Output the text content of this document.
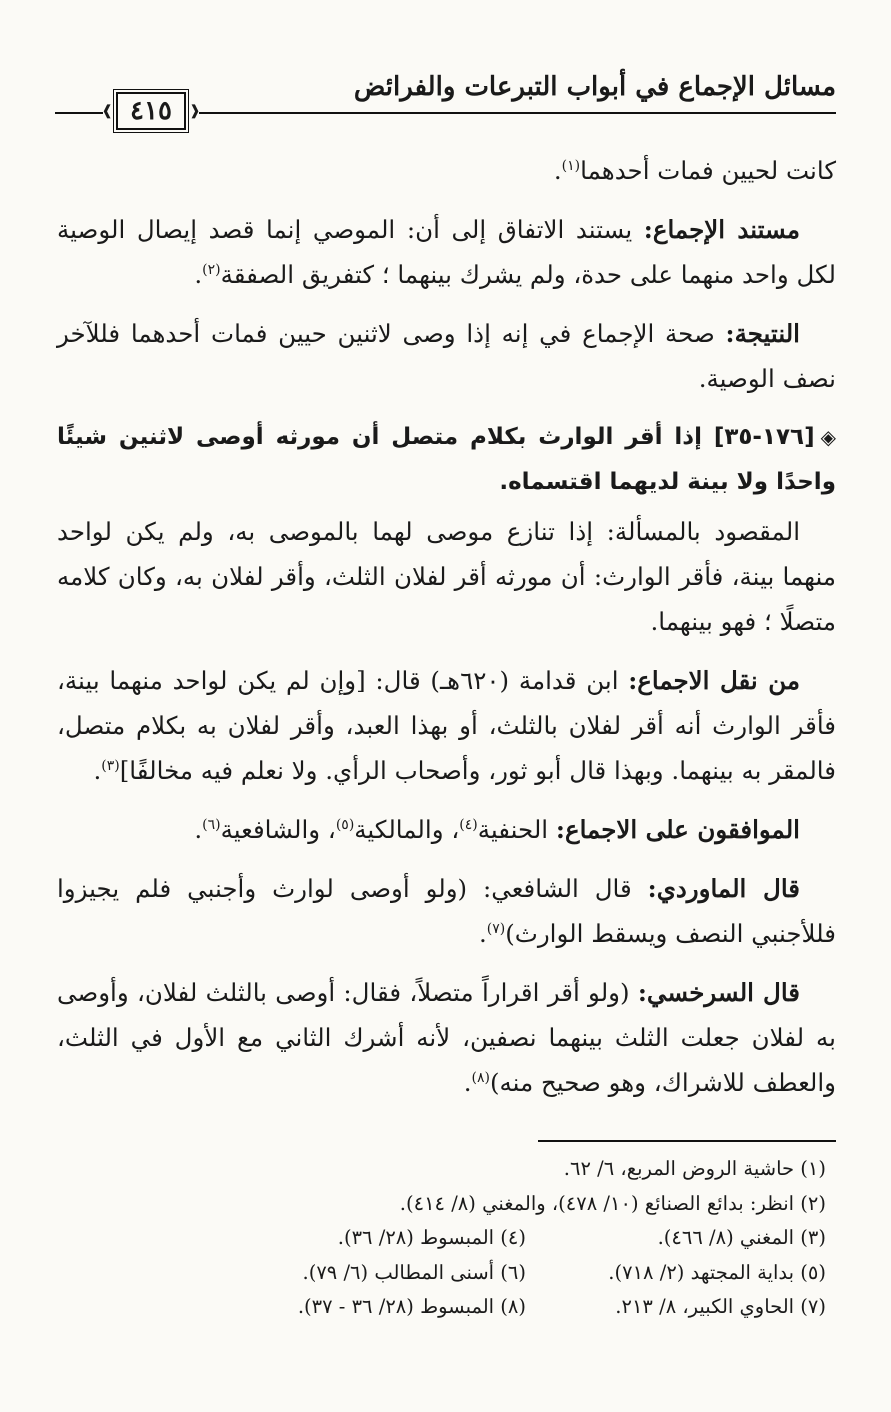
مسائل الإجماع في أبواب التبرعات والفرائض
❰
٤١٥
❱

كانت لحيين فمات أحدهما$^{(١)}$.

مستند الإجماع: يستند الاتفاق إلى أن: الموصي إنما قصد إيصال الوصية لكل واحد منهما على حدة، ولم يشرك بينهما ؛ كتفريق الصفقة$^{(٢)}$.

النتيجة: صحة الإجماع في إنه إذا وصى لاثنين حيين فمات أحدهما فللآخر نصف الوصية.

◈[١٧٦-٣٥] إذا أقر الوارث بكلام متصل أن مورثه أوصى لاثنين شيئًا واحدًا ولا بينة لديهما اقتسماه.

المقصود بالمسألة: إذا تنازع موصى لهما بالموصى به، ولم يكن لواحد منهما بينة، فأقر الوارث: أن مورثه أقر لفلان الثلث، وأقر لفلان به، وكان كلامه متصلًا ؛ فهو بينهما.

من نقل الاجماع: ابن قدامة (٦٢٠هـ) قال: [وإن لم يكن لواحد منهما بينة، فأقر الوارث أنه أقر لفلان بالثلث، أو بهذا العبد، وأقر لفلان به بكلام متصل، فالمقر به بينهما. وبهذا قال أبو ثور، وأصحاب الرأي. ولا نعلم فيه مخالفًا]$^{(٣)}$.

الموافقون على الاجماع: الحنفية$^{(٤)}$، والمالكية$^{(٥)}$، والشافعية$^{(٦)}$.

قال الماوردي: قال الشافعي: (ولو أوصى لوارث وأجنبي فلم يجيزوا فللأجنبي النصف ويسقط الوارث)$^{(٧)}$.

قال السرخسي: (ولو أقر اقراراً متصلاً، فقال: أوصى بالثلث لفلان، وأوصى به لفلان جعلت الثلث بينهما نصفين، لأنه أشرك الثاني مع الأول في الثلث، والعطف للاشراك، وهو صحيح منه)$^{(٨)}$.

(١) حاشية الروض المربع، ٦/ ٦٢.
(٢) انظر: بدائع الصنائع (١٠/ ٤٧٨)، والمغني (٨/ ٤١٤).
(٣) المغني (٨/ ٤٦٦).
(٤) المبسوط (٢٨/ ٣٦).
(٥) بداية المجتهد (٢/ ٧١٨).
(٦) أسنى المطالب (٦/ ٧٩).
(٧) الحاوي الكبير، ٨/ ٢١٣.
(٨) المبسوط (٢٨/ ٣٦ - ٣٧).
